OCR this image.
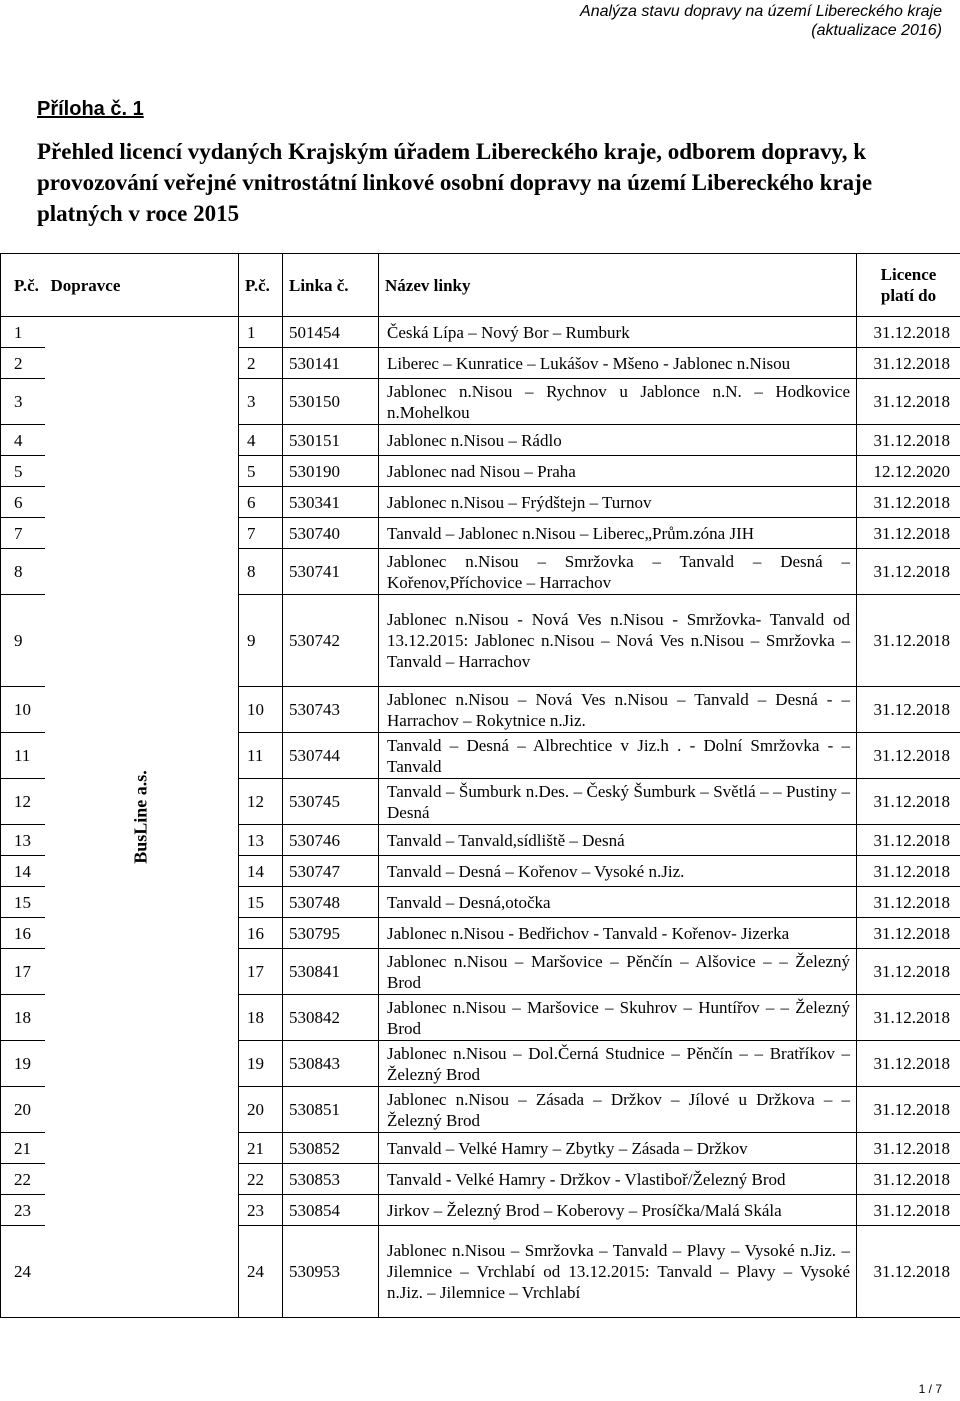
Analýza stavu dopravy na území Libereckého kraje
(aktualizace 2016)
Příloha č. 1
Přehled licencí vydaných Krajským úřadem Libereckého kraje, odborem dopravy, k provozování veřejné vnitrostátní linkové osobní dopravy na území Libereckého kraje platných v roce 2015
P.č.	Dopravce	P.č.	Linka č.	Název linky	Licence platí do
1	BusLine a.s.	1	501454	Česká Lípa – Nový Bor – Rumburk	31.12.2018
2		2	530141	Liberec – Kunratice – Lukášov - Mšeno - Jablonec n.Nisou	31.12.2018
3		3	530150	Jablonec n.Nisou – Rychnov u Jablonce n.N. – Hodkovice n.Mohelkou	31.12.2018
4		4	530151	Jablonec n.Nisou – Rádlo	31.12.2018
5		5	530190	Jablonec nad Nisou – Praha	12.12.2020
6		6	530341	Jablonec n.Nisou – Frýdštejn – Turnov	31.12.2018
7		7	530740	Tanvald – Jablonec n.Nisou – Liberec„Prům.zóna JIH	31.12.2018
8		8	530741	Jablonec n.Nisou – Smržovka – Tanvald – Desná – Kořenov,Příchovice – Harrachov	31.12.2018
9		9	530742	Jablonec n.Nisou - Nová Ves n.Nisou - Smržovka- Tanvald od 13.12.2015: Jablonec n.Nisou – Nová Ves n.Nisou – Smržovka – Tanvald – Harrachov	31.12.2018
10		10	530743	Jablonec n.Nisou – Nová Ves n.Nisou – Tanvald – Desná - – Harrachov – Rokytnice n.Jiz.	31.12.2018
11		11	530744	Tanvald – Desná – Albrechtice v Jiz.h . - Dolní Smržovka - – Tanvald	31.12.2018
12		12	530745	Tanvald – Šumburk n.Des. – Český Šumburk – Světlá – – Pustiny – Desná	31.12.2018
13		13	530746	Tanvald – Tanvald,sídliště – Desná	31.12.2018
14		14	530747	Tanvald – Desná – Kořenov – Vysoké n.Jiz.	31.12.2018
15		15	530748	Tanvald – Desná,otočka	31.12.2018
16		16	530795	Jablonec n.Nisou - Bedřichov - Tanvald - Kořenov- Jizerka	31.12.2018
17		17	530841	Jablonec n.Nisou – Maršovice – Pěnčín – Alšovice – – Železný Brod	31.12.2018
18		18	530842	Jablonec n.Nisou – Maršovice – Skuhrov – Huntířov – – Železný Brod	31.12.2018
19		19	530843	Jablonec n.Nisou – Dol.Černá Studnice – Pěnčín – – Bratříkov – Železný Brod	31.12.2018
20		20	530851	Jablonec n.Nisou – Zásada – Držkov – Jílové u Držkova – – Železný Brod	31.12.2018
21		21	530852	Tanvald – Velké Hamry – Zbytky – Zásada – Držkov	31.12.2018
22		22	530853	Tanvald - Velké Hamry - Držkov - Vlastiboř/Železný Brod	31.12.2018
23		23	530854	Jirkov – Železný Brod – Koberovy – Prosíčka/Malá Skála	31.12.2018
24		24	530953	Jablonec n.Nisou – Smržovka – Tanvald – Plavy – Vysoké n.Jiz. – Jilemnice – Vrchlabí od 13.12.2015: Tanvald – Plavy – Vysoké n.Jiz. – Jilemnice – Vrchlabí	31.12.2018
1 / 7
